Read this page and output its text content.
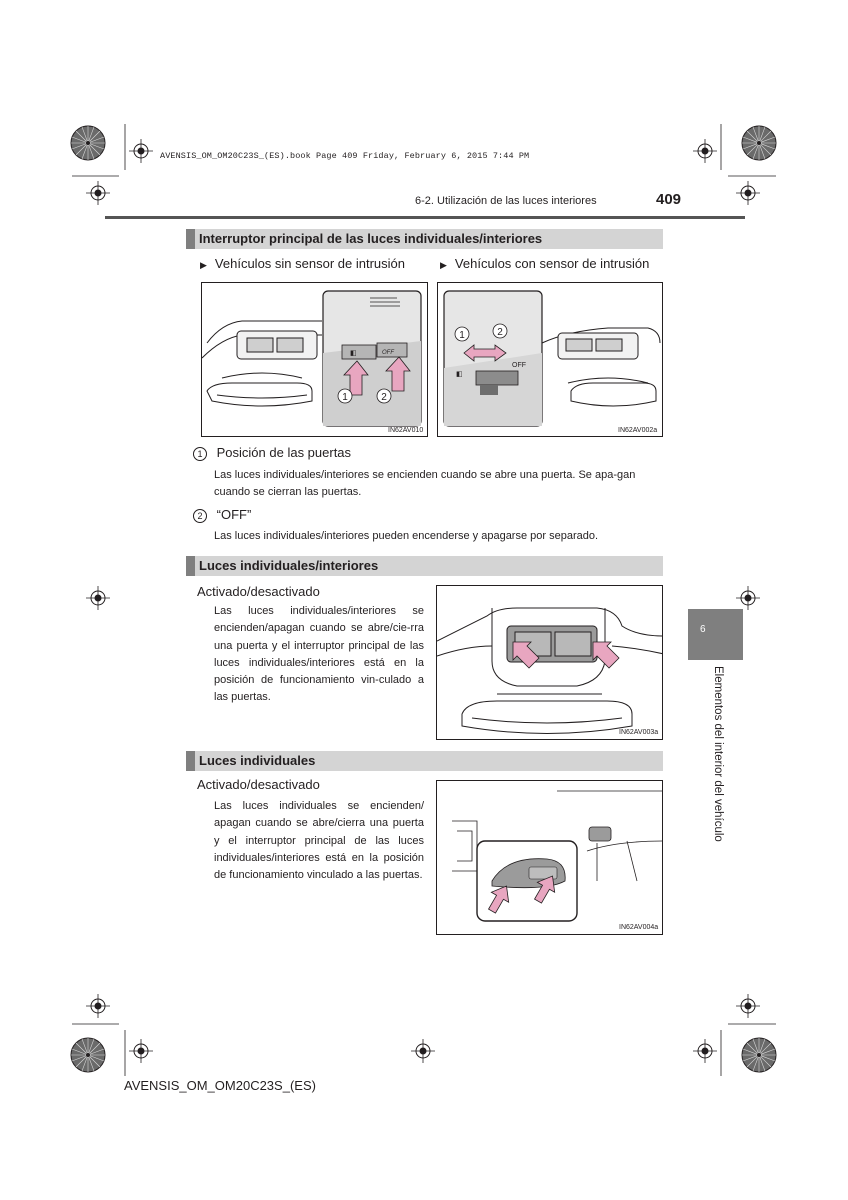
AVENSIS_OM_OM20C23S_(ES).book Page 409 Friday, February 6, 2015 7:44 PM
6-2. Utilización de las luces interiores	409
Interruptor principal de las luces individuales/interiores
▶ Vehículos sin sensor de intrusión	▶ Vehículos con sensor de intrusión
OFF
◧
1	2
IN62AV010
OFF
◧
1	2
IN62AV002a
1 Posición de las puertas
Las luces individuales/interiores se encienden cuando se abre una puerta. Se apa-gan cuando se cierran las puertas.
2 “OFF”
Las luces individuales/interiores pueden encenderse y apagarse por separado.
Luces individuales/interiores
Activado/desactivado
Las luces individuales/interiores se encienden/apagan cuando se abre/cie-rra una puerta y el interruptor principal de las luces individuales/interiores está en la posición de funcionamiento vin-culado a las puertas.
IN62AV003a
Luces individuales
Activado/desactivado
Las luces individuales se encienden/ apagan cuando se abre/cierra una puerta y el interruptor principal de las luces individuales/interiores está en la posición de funcionamiento vinculado a las puertas.
IN62AV004a
6
Elementos del interior del vehículo
AVENSIS_OM_OM20C23S_(ES)
